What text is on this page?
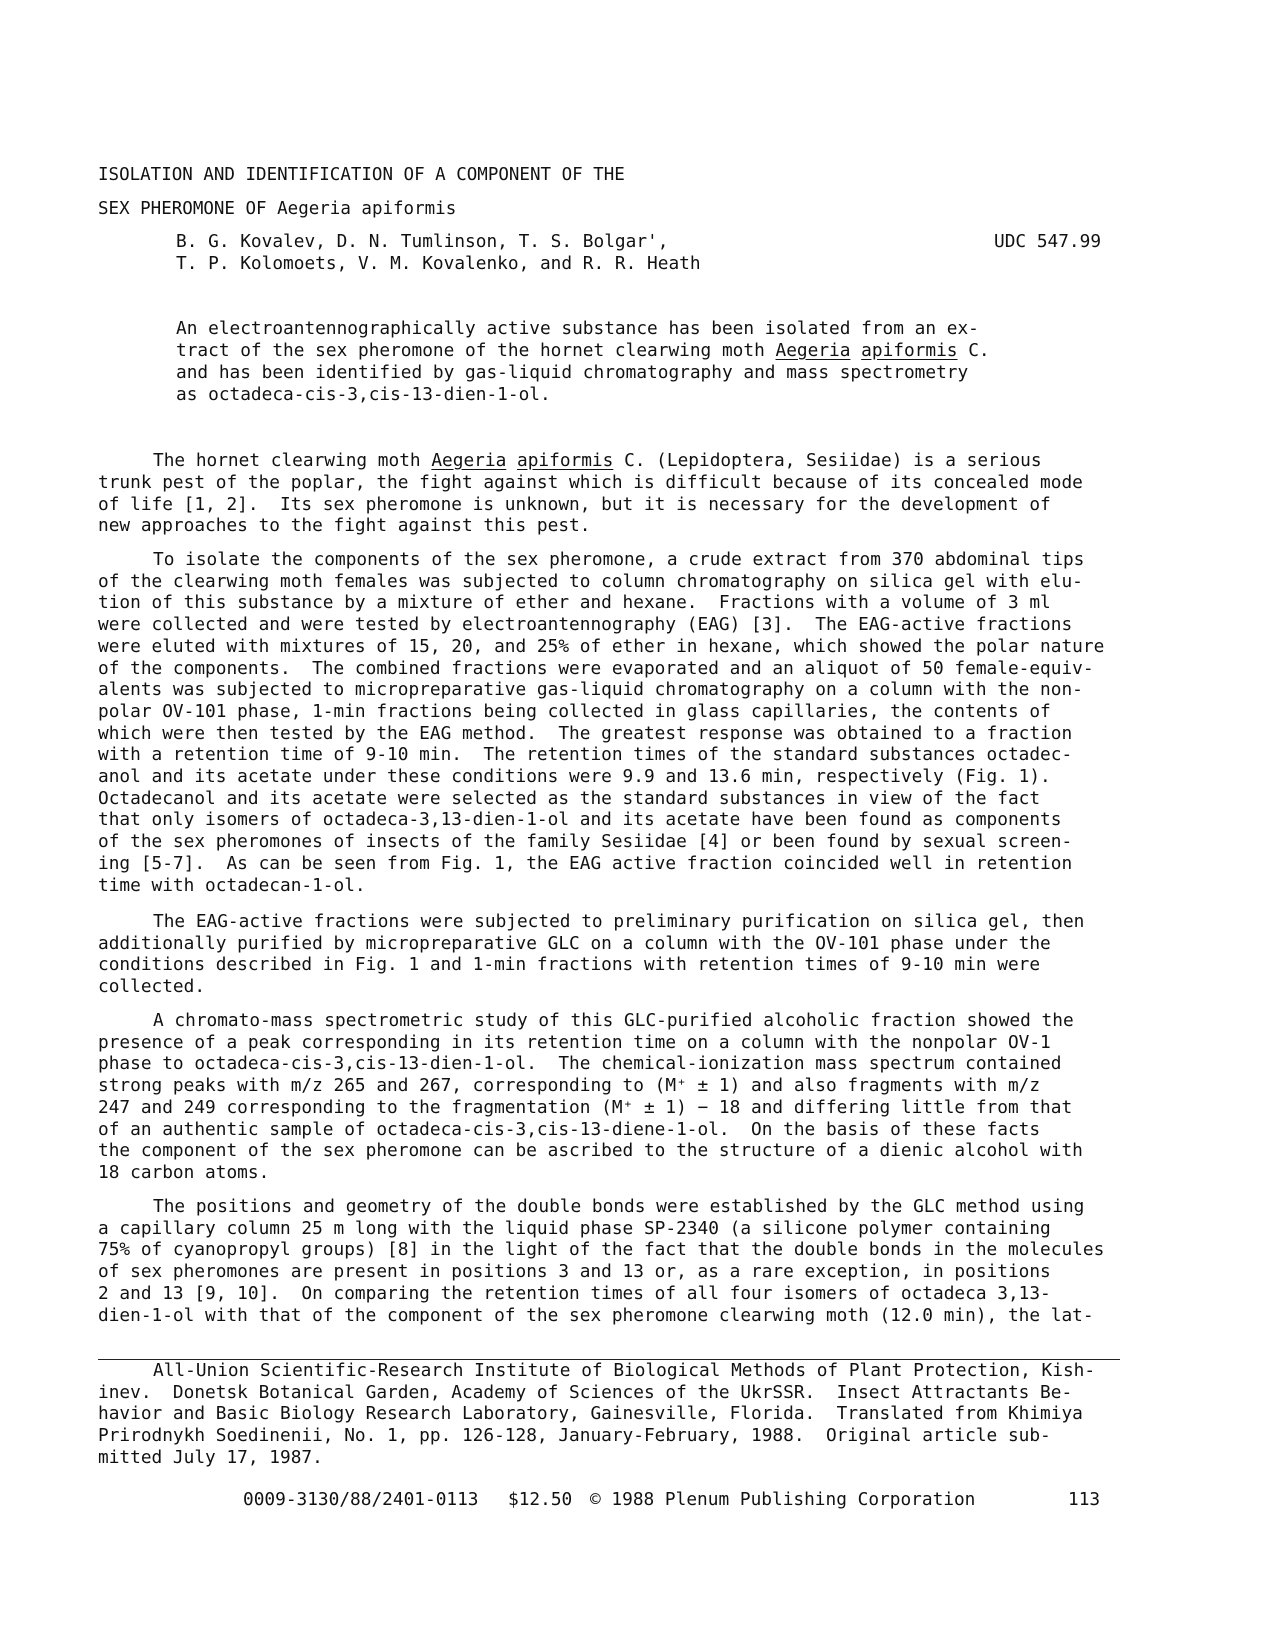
ISOLATION AND IDENTIFICATION OF A COMPONENT OF THE
SEX PHEROMONE OF Aegeria apiformis
B. G. Kovalev, D. N. Tumlinson, T. S. Bolgar',
T. P. Kolomoets, V. M. Kovalenko, and R. R. Heath
UDC 547.99
An electroantennographically active substance has been isolated from an ex-
tract of the sex pheromone of the hornet clearwing moth Aegeria apiformis C.
and has been identified by gas-liquid chromatography and mass spectrometry
as octadeca-cis-3,cis-13-dien-1-ol.
The hornet clearwing moth Aegeria apiformis C. (Lepidoptera, Sesiidae) is a serious
trunk pest of the poplar, the fight against which is difficult because of its concealed mode
of life [1, 2].  Its sex pheromone is unknown, but it is necessary for the development of
new approaches to the fight against this pest.
To isolate the components of the sex pheromone, a crude extract from 370 abdominal tips
of the clearwing moth females was subjected to column chromatography on silica gel with elu-
tion of this substance by a mixture of ether and hexane.  Fractions with a volume of 3 ml
were collected and were tested by electroantennography (EAG) [3].  The EAG-active fractions
were eluted with mixtures of 15, 20, and 25% of ether in hexane, which showed the polar nature
of the components.  The combined fractions were evaporated and an aliquot of 50 female-equiv-
alents was subjected to micropreparative gas-liquid chromatography on a column with the non-
polar OV-101 phase, 1-min fractions being collected in glass capillaries, the contents of
which were then tested by the EAG method.  The greatest response was obtained to a fraction
with a retention time of 9-10 min.  The retention times of the standard substances octadec-
anol and its acetate under these conditions were 9.9 and 13.6 min, respectively (Fig. 1).
Octadecanol and its acetate were selected as the standard substances in view of the fact
that only isomers of octadeca-3,13-dien-1-ol and its acetate have been found as components
of the sex pheromones of insects of the family Sesiidae [4] or been found by sexual screen-
ing [5-7].  As can be seen from Fig. 1, the EAG active fraction coincided well in retention
time with octadecan-1-ol.
The EAG-active fractions were subjected to preliminary purification on silica gel, then
additionally purified by micropreparative GLC on a column with the OV-101 phase under the
conditions described in Fig. 1 and 1-min fractions with retention times of 9-10 min were
collected.
A chromato-mass spectrometric study of this GLC-purified alcoholic fraction showed the
presence of a peak corresponding in its retention time on a column with the nonpolar OV-1
phase to octadeca-cis-3,cis-13-dien-1-ol.  The chemical-ionization mass spectrum contained
strong peaks with m/z 265 and 267, corresponding to (M⁺ ± 1) and also fragments with m/z
247 and 249 corresponding to the fragmentation (M⁺ ± 1) − 18 and differing little from that
of an authentic sample of octadeca-cis-3,cis-13-diene-1-ol.  On the basis of these facts
the component of the sex pheromone can be ascribed to the structure of a dienic alcohol with
18 carbon atoms.
The positions and geometry of the double bonds were established by the GLC method using
a capillary column 25 m long with the liquid phase SP-2340 (a silicone polymer containing
75% of cyanopropyl groups) [8] in the light of the fact that the double bonds in the molecules
of sex pheromones are present in positions 3 and 13 or, as a rare exception, in positions
2 and 13 [9, 10].  On comparing the retention times of all four isomers of octadeca 3,13-
dien-1-ol with that of the component of the sex pheromone clearwing moth (12.0 min), the lat-
All-Union Scientific-Research Institute of Biological Methods of Plant Protection, Kish-
inev.  Donetsk Botanical Garden, Academy of Sciences of the UkrSSR.  Insect Attractants Be-
havior and Basic Biology Research Laboratory, Gainesville, Florida.  Translated from Khimiya
Prirodnykh Soedinenii, No. 1, pp. 126-128, January-February, 1988.  Original article sub-
mitted July 17, 1987.
0009-3130/88/2401-0113 $12.50 © 1988 Plenum Publishing Corporation	113
